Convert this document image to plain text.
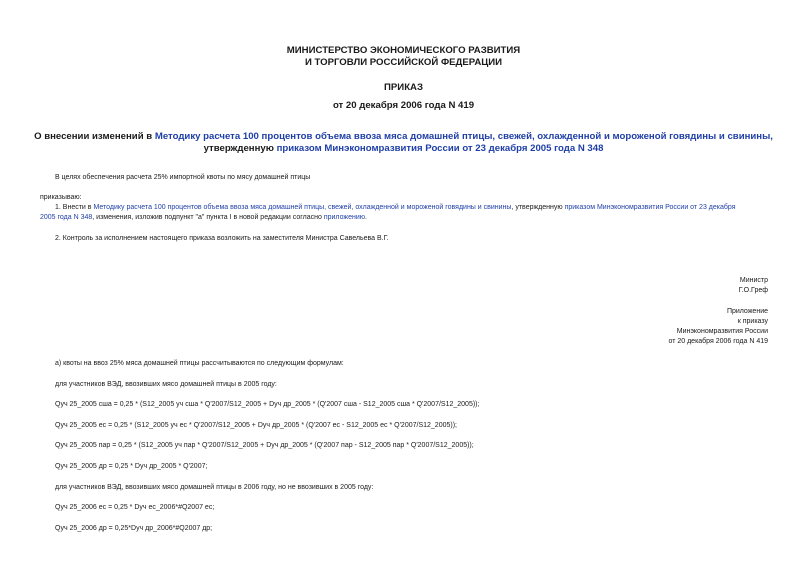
МИНИСТЕРСТВО ЭКОНОМИЧЕСКОГО РАЗВИТИЯ
И ТОРГОВЛИ РОССИЙСКОЙ ФЕДЕРАЦИИ
ПРИКАЗ
от 20 декабря 2006 года N 419
О внесении изменений в Методику расчета 100 процентов объема ввоза мяса домашней птицы, свежей, охлажденной и мороженой говядины и свинины,
утвержденную приказом Минэкономразвития России от 23 декабря 2005 года N 348
В целях обеспечения расчета 25% импортной квоты по мясу домашней птицы
приказываю:
1. Внести в Методику расчета 100 процентов объема ввоза мяса домашней птицы, свежей, охлажденной и мороженой говядины и свинины, утвержденную приказом Минэкономразвития России от 23 декабря
2005 года N 348, изменения, изложив подпункт "а" пункта I в новой редакции согласно приложению.
2. Контроль за исполнением настоящего приказа возложить на заместителя Министра Савельева В.Г.
Министр
Г.О.Греф
Приложение
к приказу
Минэкономразвития России
от 20 декабря 2006 года N 419
а) квоты на ввоз 25% мяса домашней птицы рассчитываются по следующим формулам:
для участников ВЭД, ввозивших мясо домашней птицы в 2005 году:
Qуч 25_2005 сша = 0,25 * (S12_2005 уч сша * Q'2007/S12_2005 + Dуч др_2005 * (Q'2007 сша - S12_2005 сша * Q'2007/S12_2005));
Qуч 25_2005 ес = 0,25 * (S12_2005 уч ес * Q'2007/S12_2005 + Dуч др_2005 * (Q'2007 ес - S12_2005 ес * Q'2007/S12_2005));
Qуч 25_2005 пар = 0,25 * (S12_2005 уч пар * Q'2007/S12_2005 + Dуч др_2005 * (Q'2007 пар - S12_2005 пар * Q'2007/S12_2005));
Qуч 25_2005 др = 0,25 * Dуч др_2005 * Q'2007;
для участников ВЭД, ввозивших мясо домашней птицы в 2006 году, но не ввозивших в 2005 году:
Qуч 25_2006 ес = 0,25 * Dуч ес_2006*#Q2007 ес;
Qуч 25_2006 др = 0,25*Dуч др_2006*#Q2007 др;
